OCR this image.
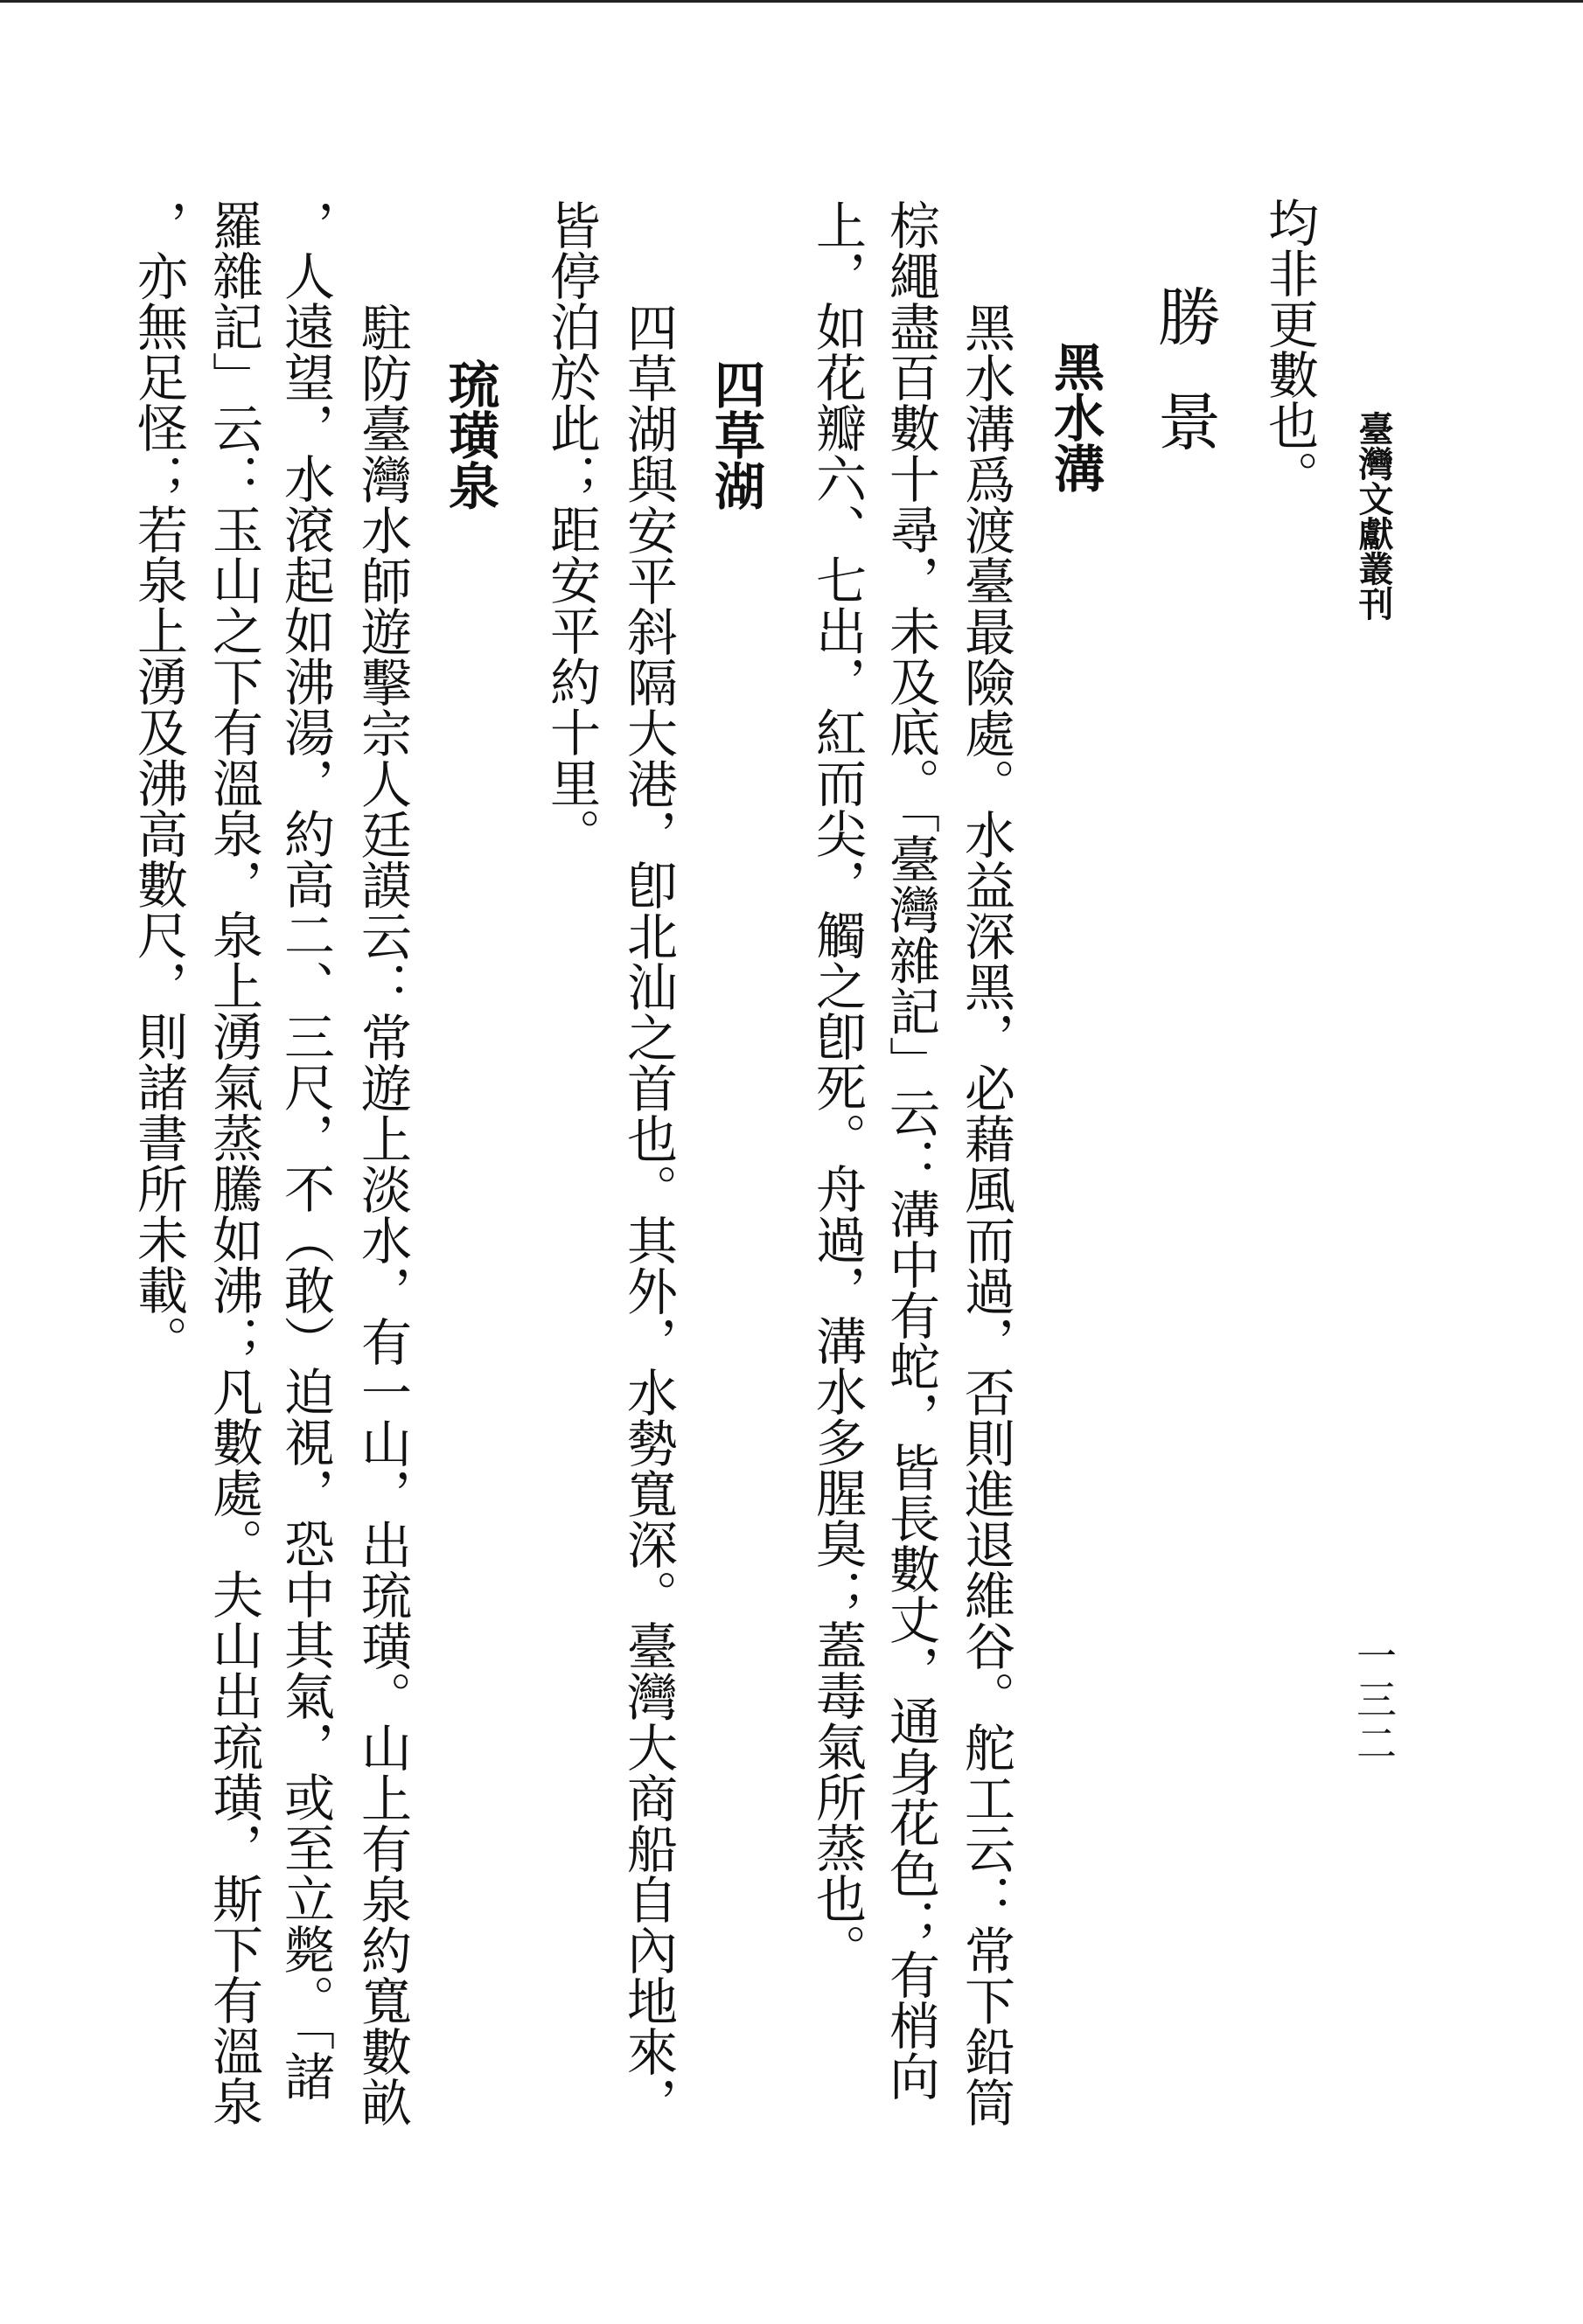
臺灣文獻叢刊
一三二
均非更數也。
勝景
黑水溝
黑水溝爲渡臺最險處。水益深黑，必藉風而過，否則進退維谷。舵工云：常下鉛筒
棕繩盡百數十尋，未及底。「臺灣雜記」云：溝中有蛇，皆長數丈，通身花色；有梢向
上，如花瓣六、七出，紅而尖，觸之卽死。舟過，溝水多腥臭；蓋毒氣所蒸也。
四草湖
四草湖與安平斜隔大港，卽北汕之首也。其外，水勢寬深。臺灣大商船自內地來，
皆停泊於此；距安平約十里。
琉璜泉
駐防臺灣水師遊擊宗人廷謨云：常遊上淡水，有一山，出琉璜。山上有泉約寬數畝
，人遠望，水滾起如沸湯，約高二、三尺，不（敢）迫視，恐中其氣，或至立斃。「諸
羅雜記」云：玉山之下有溫泉，泉上湧氣蒸騰如沸；凡數處。夫山出琉璜，斯下有溫泉
，亦無足怪；若泉上湧及沸高數尺，則諸書所未載。
